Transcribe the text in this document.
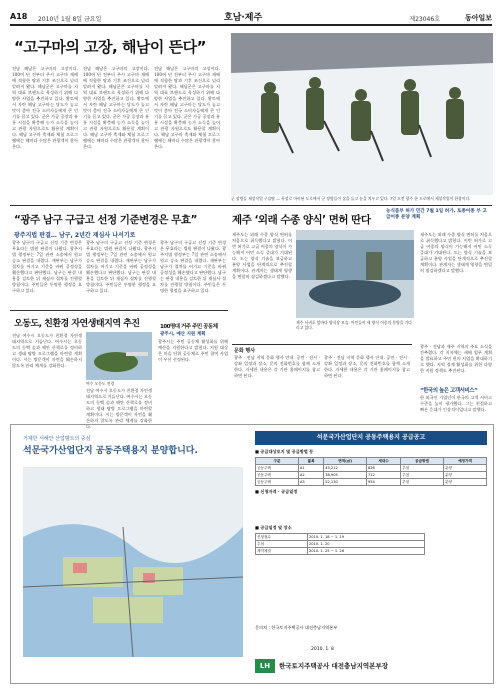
A18 2010년 1월 8일 금요일	호남·제주	제23046호	동아일보
“고구마의 고장, 해남이 뜬다”
전남 해남은 고구마의 고장이다. 100여 년 전부터 주시 고구마 재배에 적합한 땅과 기후 조건으로 널리 알려져 왔다. 해남군은 고구마를 지역 대표 브랜드로 육성하기 위해 다양한 사업을 추진하고 있다. 황토에서 자란 해남 고구마는 당도가 높고 맛이 좋아 전국 소비자들에게 큰 인기를 끌고 있다. 군은 가공 공장과 유통 시설을 확충해 농가 소득을 높이고 관광 자원으로도 활용할 계획이다. 해남 고구마 축제와 체험 프로그램에는 해마다 수많은 관광객이 찾아온다.
전남 해남은 고구마의 고장이다. 100여 년 전부터 주시 고구마 재배에 적합한 땅과 기후 조건으로 널리 알려져 왔다. 해남군은 고구마를 지역 대표 브랜드로 육성하기 위해 다양한 사업을 추진하고 있다. 황토에서 자란 해남 고구마는 당도가 높고 맛이 좋아 전국 소비자들에게 큰 인기를 끌고 있다. 군은 가공 공장과 유통 시설을 확충해 농가 소득을 높이고 관광 자원으로도 활용할 계획이다. 해남 고구마 축제와 체험 프로그램에는 해마다 수많은 관광객이 찾아온다.
전남 해남은 고구마의 고장이다. 100여 년 전부터 주시 고구마 재배에 적합한 땅과 기후 조건으로 널리 알려져 왔다. 해남군은 고구마를 지역 대표 브랜드로 육성하기 위해 다양한 사업을 추진하고 있다. 황토에서 자란 해남 고구마는 당도가 높고 맛이 좋아 전국 소비자들에게 큰 인기를 끌고 있다. 군은 가공 공장과 유통 시설을 확충해 농가 소득을 높이고 관광 자원으로도 활용할 계획이다. 해남 고구마 축제와 체험 프로그램에는 해마다 수많은 관광객이 찾아온다.
군 장병들 제설작업 구슬땀 — 폭설로 마비된 도로에서 군 장병들이 삽을 들고 눈을 치우고 있다. 7일 오전 광주 한 도로에서 제설작업이 한창이다.
“광주 남구 구급고 선정 기준변경은 무효”
광주지법 판결… 남구, 2년간 재심사 나서기로
광주 남구의 구급고 선정 기준 변경은 무효라는 법원 판결이 나왔다. 광주지법 행정부는 7일 관련 소송에서 원고 승소 판결을 내렸다. 재판부는 남구가 절차를 어기고 기준을 바꿔 공정성을 훼손했다고 판단했다. 남구는 판결 내용을 검토한 뒤 재심사 절차를 진행할 방침이다. 주민들은 투명한 행정을 요구하고 있다.
광주 남구의 구급고 선정 기준 변경은 무효라는 법원 판결이 나왔다. 광주지법 행정부는 7일 관련 소송에서 원고 승소 판결을 내렸다. 재판부는 남구가 절차를 어기고 기준을 바꿔 공정성을 훼손했다고 판단했다. 남구는 판결 내용을 검토한 뒤 재심사 절차를 진행할 방침이다. 주민들은 투명한 행정을 요구하고 있다.
광주 남구의 구급고 선정 기준 변경은 무효라는 법원 판결이 나왔다. 광주지법 행정부는 7일 관련 소송에서 원고 승소 판결을 내렸다. 재판부는 남구가 절차를 어기고 기준을 바꿔 공정성을 훼손했다고 판단했다. 남구는 판결 내용을 검토한 뒤 재심사 절차를 진행할 방침이다. 주민들은 투명한 행정을 요구하고 있다.
제주 ‘외래 수종 양식’ 면허 딴다
농식품부 허가 민간 7월 1일 허가, 토종어종 부 고급어종 분양 계획
제주도는 외래 수종 양식 면허를 처음으로 취득했다고 밝혔다. 이번 허가로 고급 어종의 양식이 가능해져 어민 소득 증대가 기대된다. 도는 양식 기술을 보급하고 분양 사업을 단계적으로 추진할 계획이다. 관계자는 생태계 영향을 면밀히 점검하겠다고 말했다.
제주 서귀포 앞바다 양식장 모습. 어민들이 새 양식 어종의 분양을 기다리고 있다.
제주도는 외래 수종 양식 면허를 처음으로 취득했다고 밝혔다. 이번 허가로 고급 어종의 양식이 가능해져 어민 소득 증대가 기대된다. 도는 양식 기술을 보급하고 분양 사업을 단계적으로 추진할 계획이다. 관계자는 생태계 영향을 면밀히 점검하겠다고 말했다.
오동도, 친환경 자연생태지역 추진
전남 여수시 오동도가 친환경 자연생태지역으로 거듭난다. 여수시는 오동도의 동백 숲과 해안 산책로를 정비하고 생태 탐방 프로그램을 마련할 계획이다. 시는 방문객이 자연을 훼손하지 않도록 관리 체계를 강화한다.
여수 오동도 전경
전남 여수시 오동도가 친환경 자연생태지역으로 거듭난다. 여수시는 오동도의 동백 숲과 해안 산책로를 정비하고 생태 탐방 프로그램을 마련할 계획이다. 시는 방문객이 자연을 훼손하지 않도록 관리 체계를 강화한다.
100명대 거주 주민 공동체
광주시, 예산 지원 계획
광주시는 주민 공동체 활성화를 위해 예산을 지원한다고 밝혔다. 지원 대상은 마을 단위 공동체로 주민 참여 사업이 우선 선정된다.
문화 행사
광주 · 전남 지역 문화 행사 안내. 공연 · 전시 · 강좌 일정과 장소, 문의 전화번호를 함께 소개한다. 자세한 내용은 각 기관 홈페이지를 참고하면 된다.
광주 · 전남 지역 문화 행사 안내. 공연 · 전시 · 강좌 일정과 장소, 문의 전화번호를 함께 소개한다. 자세한 내용은 각 기관 홈페이지를 참고하면 된다.
광주 · 전남과 제주 지역의 주요 소식을 간추렸다. 각 지자체는 새해 업무 계획을 발표하고 주민 편의 사업을 확대하기로 했다. 지역 경제 활성화를 위한 다양한 지원 정책도 추진된다.
“한국의 높은 고객서비스”
한 외국인 기업인이 한국의 고객 서비스 수준을 높이 평가했다. 그는 친절하고 빠른 응대가 인상적이었다고 말했다.
거제한 서해안 산업벨트의 중심
석문국가산업단지 공동주택용지 분양합니다.
석문국가산업단지 공동주택용지 공급공고
■ 공급대상토지 및 공급방법 등
구분	블록	면적(㎡)	세대수	공급방법	예정가격
공동주택	A1	45,212	826	추첨	분양
공동주택	A2	38,905	712	추첨	분양
공동주택	A3	52,130	954	추첨	분양
■ 신청자격 · 공급일정
■ 공급일정 및 장소
신청접수	2010. 1. 18 ~ 1. 19
추첨	2010. 1. 20
계약체결	2010. 1. 25 ~ 1. 26
문의처 : 한국토지주택공사 대전충남지역본부
2010. 1. 8
LH	한국토지주택공사 대전충남지역본부장
